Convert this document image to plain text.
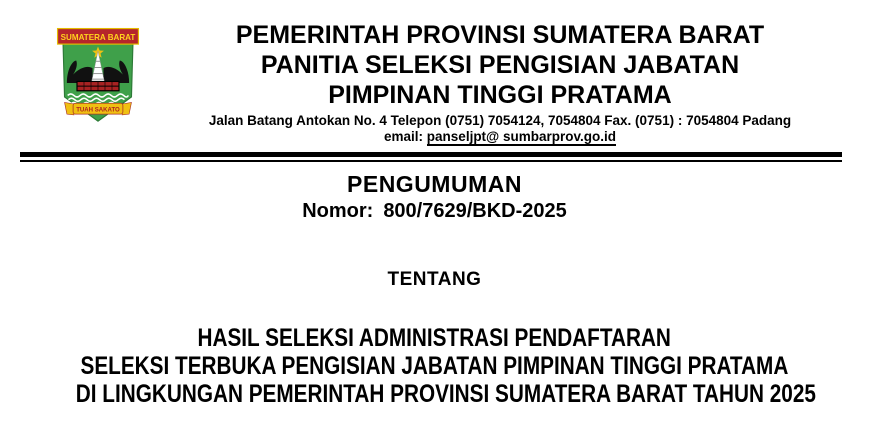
TUAH SAKATO
SUMATERA BARAT	PEMERINTAH PROVINSI SUMATERA BARAT
PANITIA SELEKSI PENGISIAN JABATAN
PIMPINAN TINGGI PRATAMA
Jalan Batang Antokan No. 4 Telepon (0751) 7054124, 7054804 Fax. (0751) : 7054804 Padang
email: panseljpt@ sumbarprov.go.id
PENGUMUMAN
Nomor: 800/7629/BKD-2025
TENTANG
HASIL SELEKSI ADMINISTRASI PENDAFTARAN
SELEKSI TERBUKA PENGISIAN JABATAN PIMPINAN TINGGI PRATAMA
DI LINGKUNGAN PEMERINTAH PROVINSI SUMATERA BARAT TAHUN 2025
